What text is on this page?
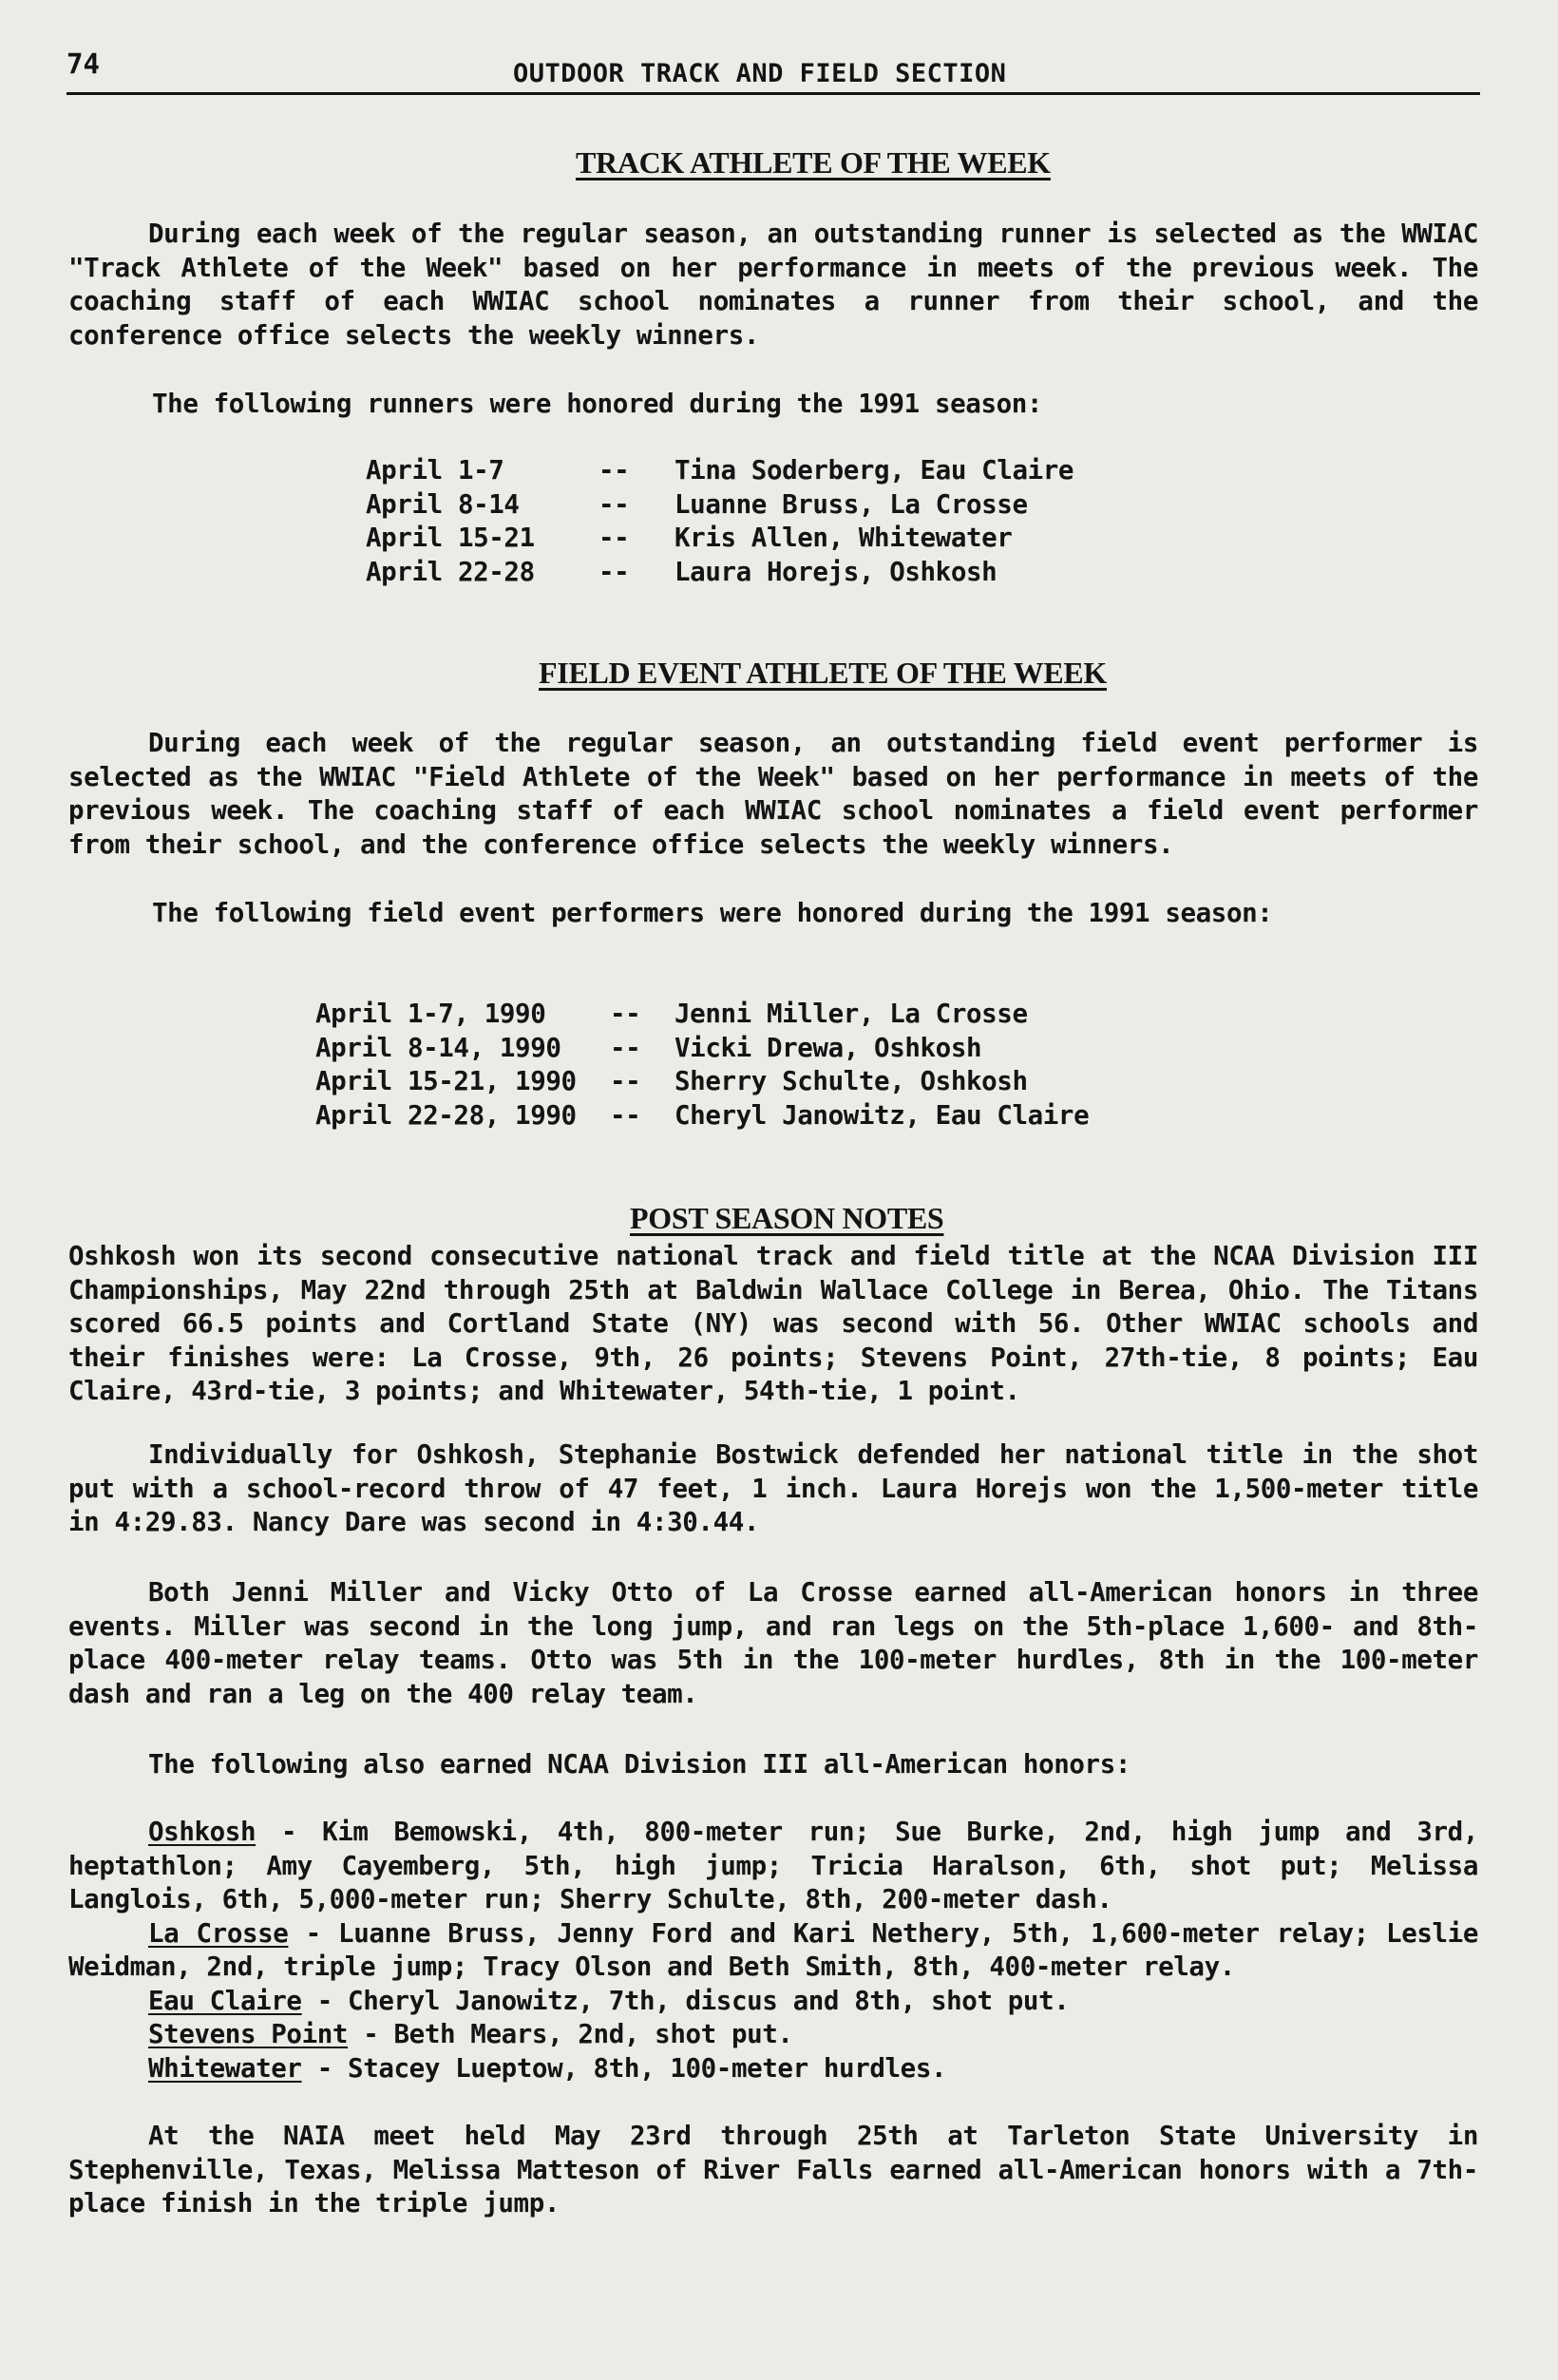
74	OUTDOOR TRACK AND FIELD SECTION
TRACK ATHLETE OF THE WEEK
During each week of the regular season, an outstanding runner is selected as the WWIAC "Track Athlete of the Week" based on her performance in meets of the previous week. The coaching staff of each WWIAC school nominates a runner from their school, and the conference office selects the weekly winners.
The following runners were honored during the 1991 season:
April 1-7	-- Tina Soderberg, Eau Claire
April 8-14	-- Luanne Bruss, La Crosse
April 15-21 -- Kris Allen, Whitewater
April 22-28 -- Laura Horejs, Oshkosh
FIELD EVENT ATHLETE OF THE WEEK
During each week of the regular season, an outstanding field event performer is selected as the WWIAC "Field Athlete of the Week" based on her performance in meets of the previous week. The coaching staff of each WWIAC school nominates a field event performer from their school, and the conference office selects the weekly winners.
The following field event performers were honored during the 1991 season:
April 1-7, 1990 -- Jenni Miller, La Crosse
April 8-14, 1990 -- Vicki Drewa, Oshkosh
April 15-21, 1990 -- Sherry Schulte, Oshkosh
April 22-28, 1990 -- Cheryl Janowitz, Eau Claire
POST SEASON NOTES
Oshkosh won its second consecutive national track and field title at the NCAA Division III Championships, May 22nd through 25th at Baldwin Wallace College in Berea, Ohio. The Titans scored 66.5 points and Cortland State (NY) was second with 56. Other WWIAC schools and their finishes were: La Crosse, 9th, 26 points; Stevens Point, 27th-tie, 8 points; Eau Claire, 43rd-tie, 3 points; and Whitewater, 54th-tie, 1 point.
Individually for Oshkosh, Stephanie Bostwick defended her national title in the shot put with a school-record throw of 47 feet, 1 inch. Laura Horejs won the 1,500-meter title in 4:29.83. Nancy Dare was second in 4:30.44.
Both Jenni Miller and Vicky Otto of La Crosse earned all-American honors in three events. Miller was second in the long jump, and ran legs on the 5th-place 1,600- and 8th-place 400-meter relay teams. Otto was 5th in the 100-meter hurdles, 8th in the 100-meter dash and ran a leg on the 400 relay team.
The following also earned NCAA Division III all-American honors:
Oshkosh - Kim Bemowski, 4th, 800-meter run; Sue Burke, 2nd, high jump and 3rd, heptathlon; Amy Cayemberg, 5th, high jump; Tricia Haralson, 6th, shot put; Melissa Langlois, 6th, 5,000-meter run; Sherry Schulte, 8th, 200-meter dash.
La Crosse - Luanne Bruss, Jenny Ford and Kari Nethery, 5th, 1,600-meter relay; Leslie Weidman, 2nd, triple jump; Tracy Olson and Beth Smith, 8th, 400-meter relay.
Eau Claire - Cheryl Janowitz, 7th, discus and 8th, shot put.
Stevens Point - Beth Mears, 2nd, shot put.
Whitewater - Stacey Lueptow, 8th, 100-meter hurdles.
At the NAIA meet held May 23rd through 25th at Tarleton State University in Stephenville, Texas, Melissa Matteson of River Falls earned all-American honors with a 7th-place finish in the triple jump.
